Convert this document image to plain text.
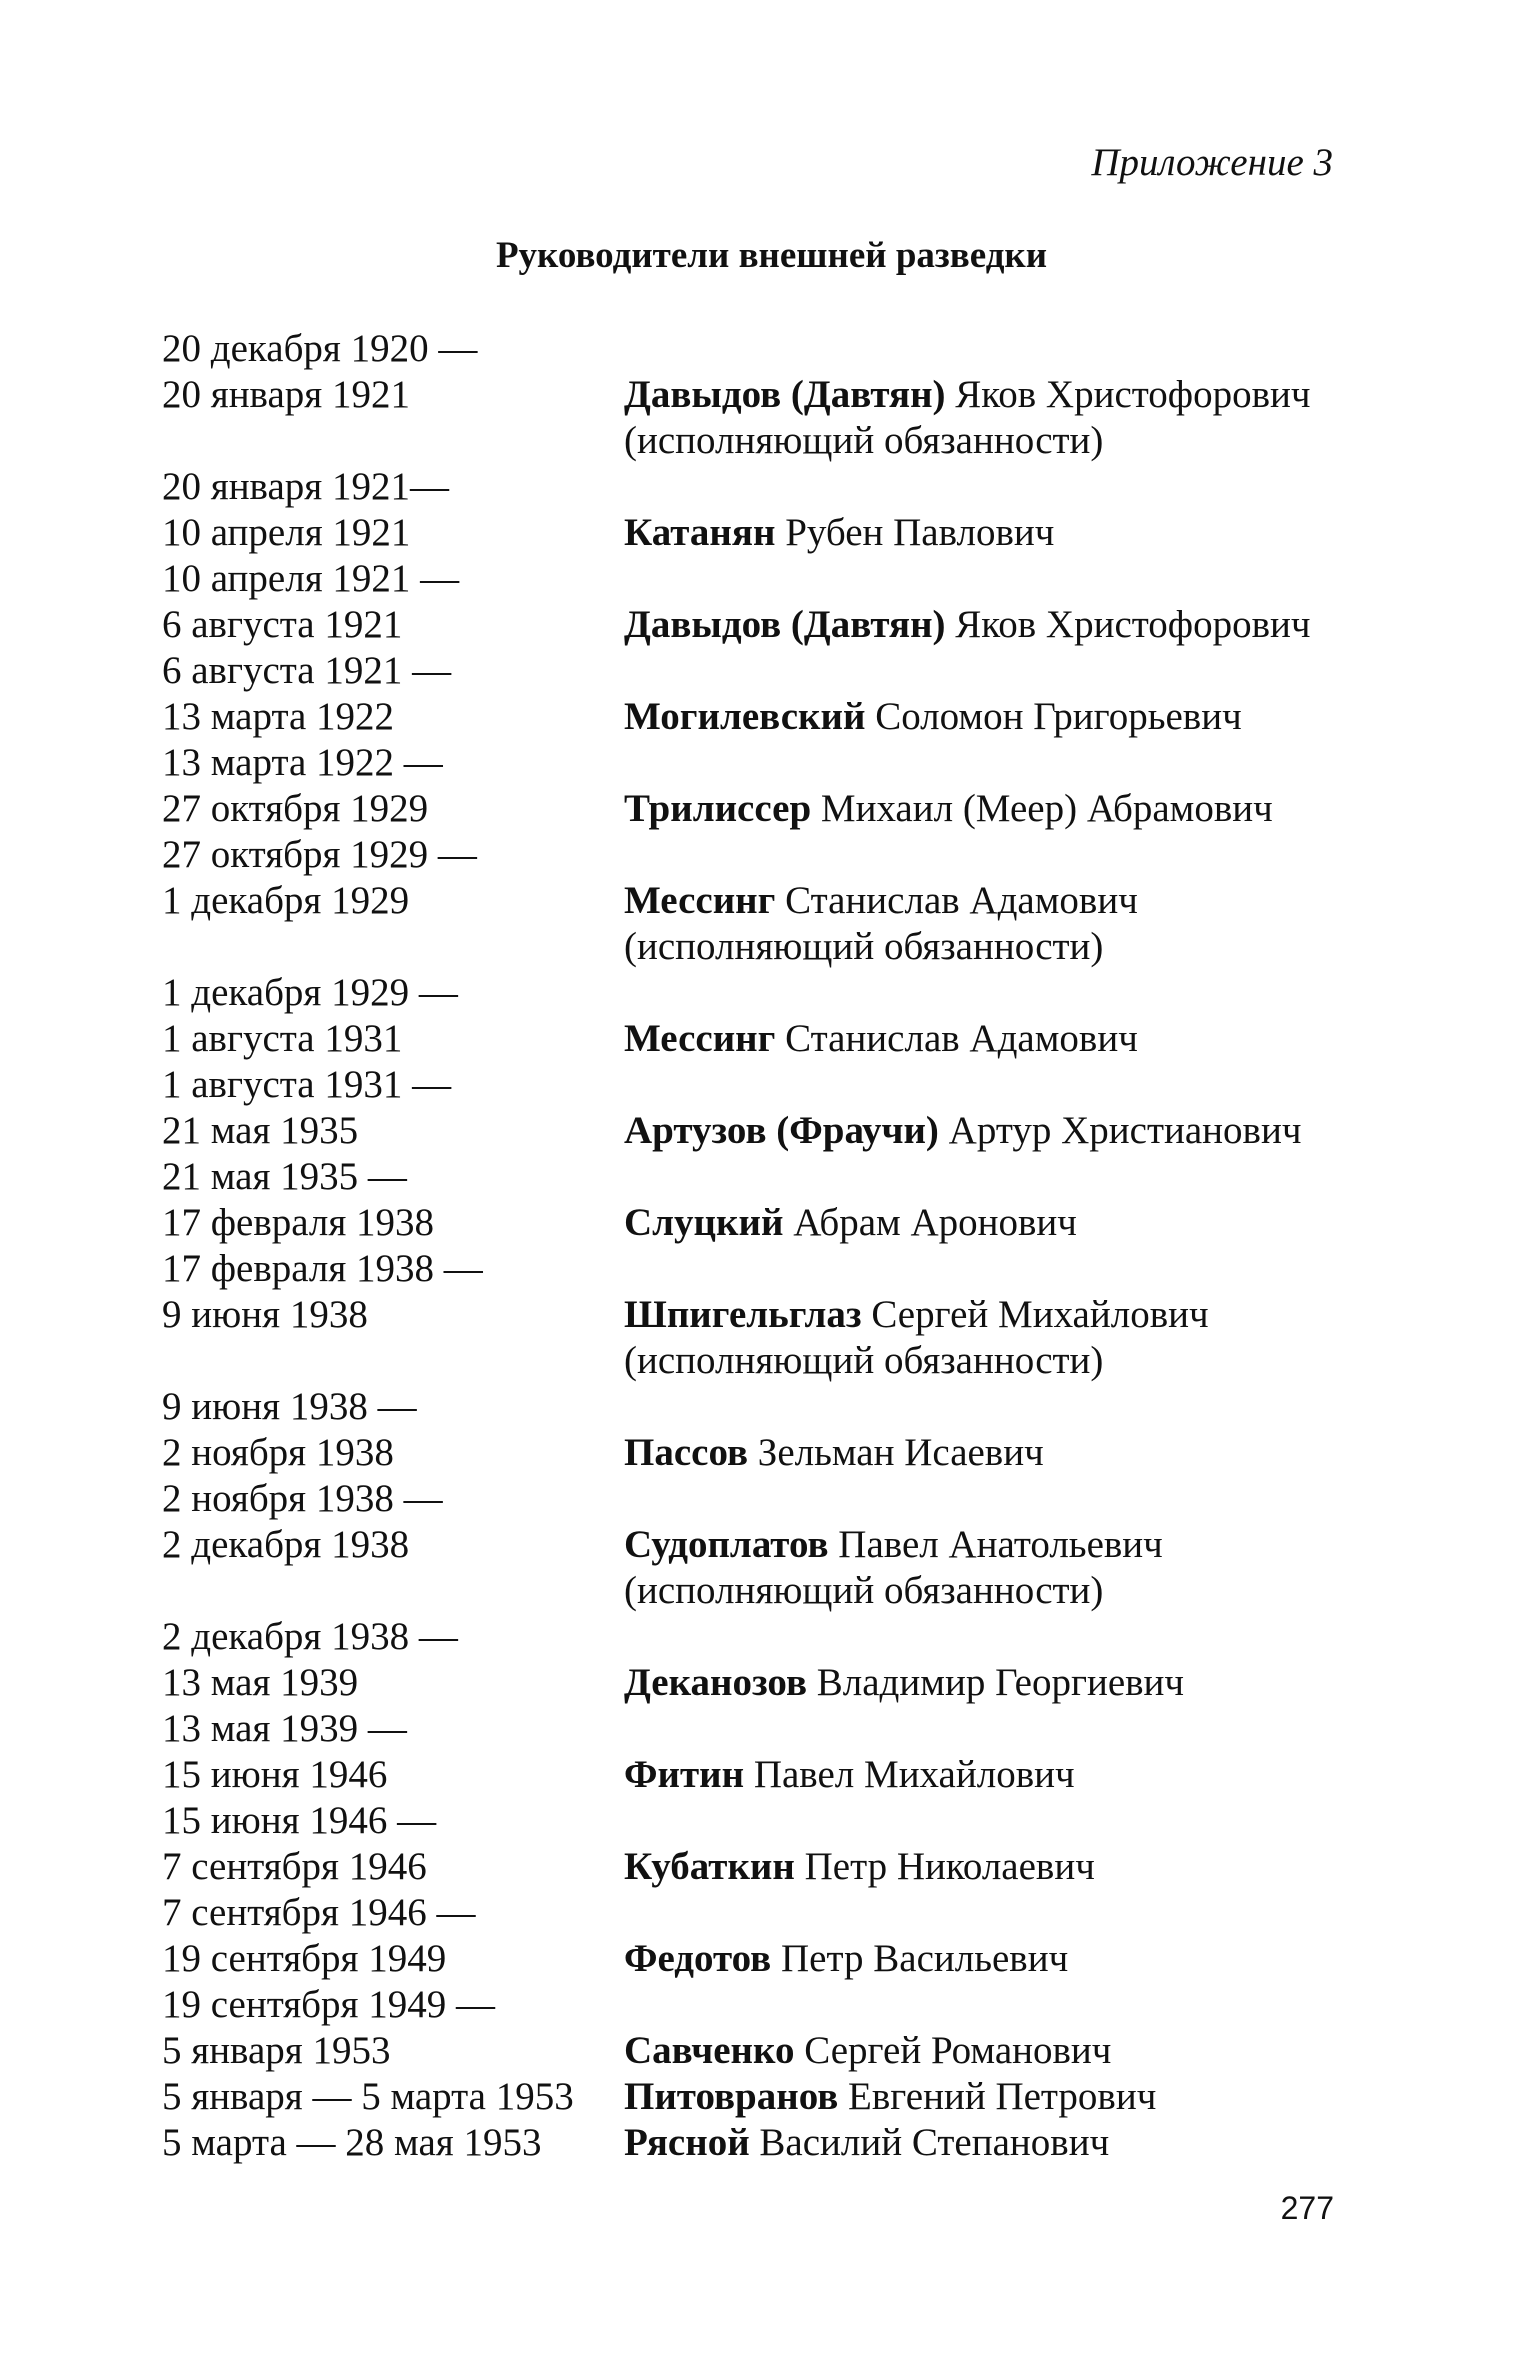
Приложение 3
Руководители внешней разведки
20 декабря 1920 —
20 января 1921	Давыдов (Давтян) Яков Христофорович
(исполняющий обязанности)
20 января 1921—
10 апреля 1921	Катанян Рубен Павлович
10 апреля 1921 —
6 августа 1921	Давыдов (Давтян) Яков Христофорович
6 августа 1921 —
13 марта 1922	Могилевский Соломон Григорьевич
13 марта 1922 —
27 октября 1929	Трилиссер Михаил (Меер) Абрамович
27 октября 1929 —
1 декабря 1929	Мессинг Станислав Адамович
(исполняющий обязанности)
1 декабря 1929 —
1 августа 1931	Мессинг Станислав Адамович
1 августа 1931 —
21 мая 1935	Артузов (Фраучи) Артур Христианович
21 мая 1935 —
17 февраля 1938	Слуцкий Абрам Аронович
17 февраля 1938 —
9 июня 1938	Шпигельглаз Сергей Михайлович
(исполняющий обязанности)
9 июня 1938 —
2 ноября 1938	Пассов Зельман Исаевич
2 ноября 1938 —
2 декабря 1938	Судоплатов Павел Анатольевич
(исполняющий обязанности)
2 декабря 1938 —
13 мая 1939	Деканозов Владимир Георгиевич
13 мая 1939 —
15 июня 1946	Фитин Павел Михайлович
15 июня 1946 —
7 сентября 1946	Кубаткин Петр Николаевич
7 сентября 1946 —
19 сентября 1949	Федотов Петр Васильевич
19 сентября 1949 —
5 января 1953	Савченко Сергей Романович
5 января — 5 марта 1953 Питовранов Евгений Петрович
5 марта — 28 мая 1953 Рясной Василий Степанович
277
